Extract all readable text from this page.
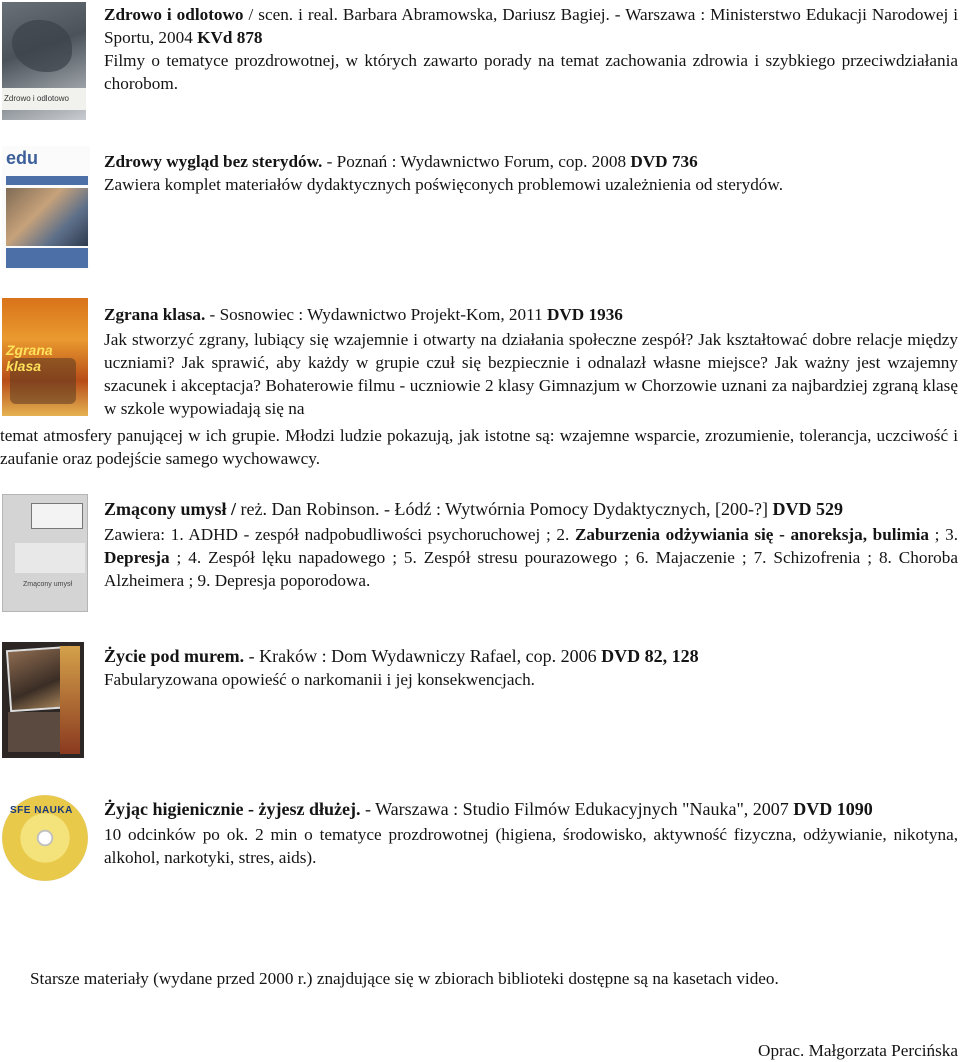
Zdrowo i odlotowo

Zdrowo i odlotowo / scen. i real. Barbara Abramowska, Dariusz Bagiej. - Warszawa : Ministerstwo Edukacji Narodowej i Sportu, 2004 KVd 878

Filmy o tematyce prozdrowotnej, w których zawarto porady na temat zachowania zdrowia i szybkiego przeciwdziałania chorobom.

edu	Zdrowy wygląd bez sterydów. - Poznań : Wydawnictwo Forum, cop. 2008 DVD 736

Zawiera komplet materiałów dydaktycznych poświęconych problemowi uzależnienia od sterydów.

Zgrana klasa

Zgrana klasa. - Sosnowiec : Wydawnictwo Projekt-Kom, 2011 DVD 1936

Jak stworzyć zgrany, lubiący się wzajemnie i otwarty na działania społeczne zespół? Jak kształtować dobre relacje między uczniami? Jak sprawić, aby każdy w grupie czuł się bezpiecznie i odnalazł własne miejsce? Jak ważny jest wzajemny szacunek i akceptacja? Bohaterowie filmu - uczniowie 2 klasy Gimnazjum w Chorzowie uznani za najbardziej zgraną klasę w szkole wypowiadają się na

temat atmosfery panującej w ich grupie. Młodzi ludzie pokazują, jak istotne są: wzajemne wsparcie, zrozumienie, tolerancja, uczciwość i zaufanie oraz podejście samego wychowawcy.

Zmącony umysł

Zmącony umysł / reż. Dan Robinson. - Łódź : Wytwórnia Pomocy Dydaktycznych, [200-?] DVD 529

Zawiera: 1. ADHD - zespół nadpobudliwości psychoruchowej ; 2. Zaburzenia odżywiania się - anoreksja, bulimia ; 3. Depresja ; 4. Zespół lęku napadowego ; 5. Zespół stresu pourazowego ; 6. Majaczenie ; 7. Schizofrenia ; 8. Choroba Alzheimera ; 9. Depresja poporodowa.

Życie pod murem. - Kraków : Dom Wydawniczy Rafael, cop. 2006 DVD 82, 128

Fabularyzowana opowieść o narkomanii i jej konsekwencjach.

SFE NAUKA Żyjąc higienicznie - żyjesz dłużej. - Warszawa : Studio Filmów Edukacyjnych "Nauka", 2007 DVD 1090

10 odcinków po ok. 2 min o tematyce prozdrowotnej (higiena, środowisko, aktywność fizyczna, odżywianie, nikotyna, alkohol, narkotyki, stres, aids).

Starsze materiały (wydane przed 2000 r.) znajdujące się w zbiorach biblioteki dostępne są na kasetach video.

Oprac. Małgorzata Percińska
